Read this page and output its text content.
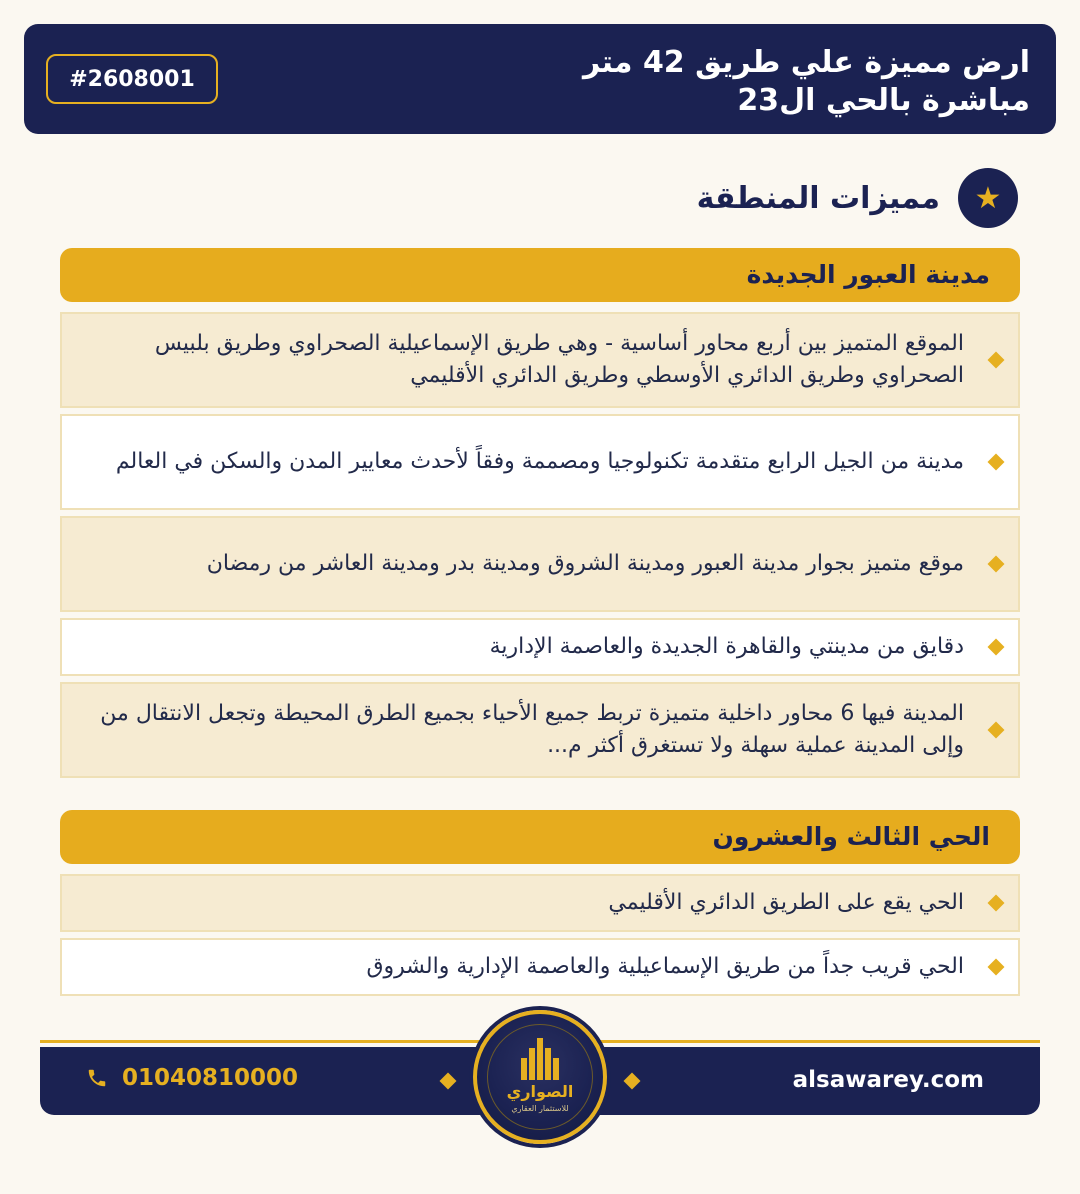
#2608001	ارض مميزة علي طريق 42 متر مباشرة بالحي ال23
★
مميزات المنطقة
مدينة العبور الجديدة
الموقع المتميز بين أربع محاور أساسية - وهي طريق الإسماعيلية الصحراوي وطريق بلبيس الصحراوي وطريق الدائري الأوسطي وطريق الدائري الأقليمي
مدينة من الجيل الرابع متقدمة تكنولوجيا ومصممة وفقاً لأحدث معايير المدن والسكن في العالم
موقع متميز بجوار مدينة العبور ومدينة الشروق ومدينة بدر ومدينة العاشر من رمضان
دقايق من مدينتي والقاهرة الجديدة والعاصمة الإدارية
المدينة فيها 6 محاور داخلية متميزة تربط جميع الأحياء بجميع الطرق المحيطة وتجعل الانتقال من وإلى المدينة عملية سهلة ولا تستغرق أكثر م...
الحي الثالث والعشرون
الحي يقع على الطريق الدائري الأقليمي
الحي قريب جداً من طريق الإسماعيلية والعاصمة الإدارية والشروق
01040810000	alsawarey.com
الصواري
للاستثمار العقاري
